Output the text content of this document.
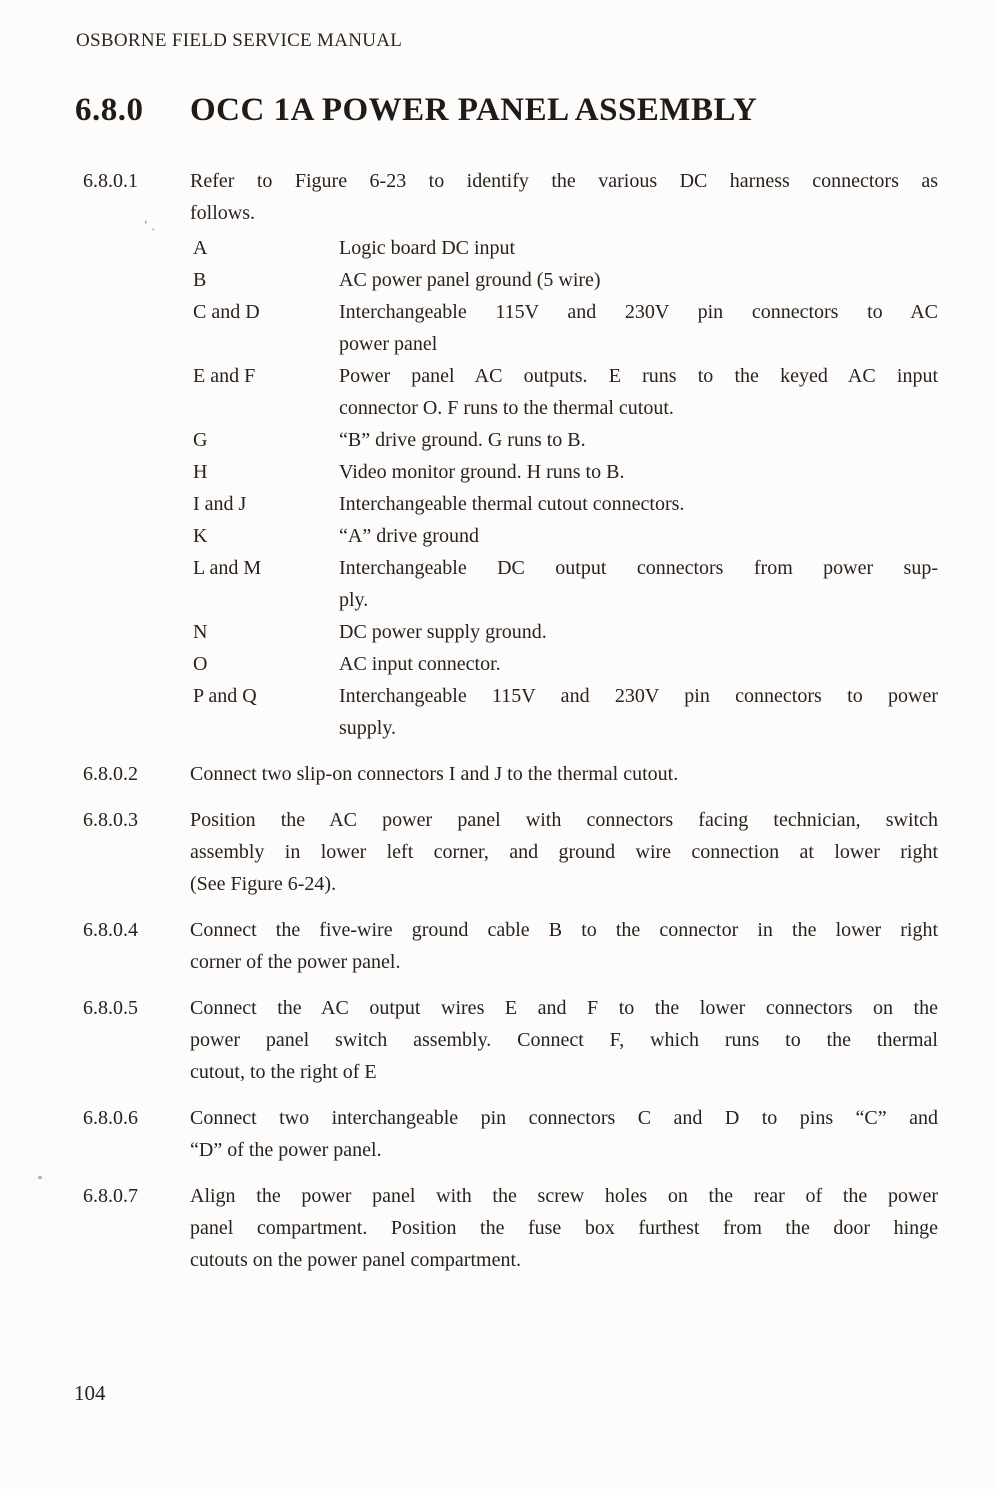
OSBORNE FIELD SERVICE MANUAL
6.8.0	OCC 1A POWER PANEL ASSEMBLY
ʻˏ
6.8.0.1	Refer to Figure 6-23 to identify the various DC harness connectors as
follows.
A	Logic board DC input
B	AC power panel ground (5 wire)
C and D	Interchangeable 115V and 230V pin connectors to AC
power panel
E and F	Power panel AC outputs. E runs to the keyed AC input
connector O. F runs to the thermal cutout.
G	“B” drive ground. G runs to B.
H	Video monitor ground. H runs to B.
I and J	Interchangeable thermal cutout connectors.
K	“A” drive ground
L and M	Interchangeable DC output connectors from power sup-
ply.
N	DC power supply ground.
O	AC input connector.
P and Q	Interchangeable 115V and 230V pin connectors to power
supply.
6.8.0.2	Connect two slip-on connectors I and J to the thermal cutout.
6.8.0.3	Position the AC power panel with connectors facing technician, switch
assembly in lower left corner, and ground wire connection at lower right
(See Figure 6-24).
6.8.0.4	Connect the five-wire ground cable B to the connector in the lower right
corner of the power panel.
6.8.0.5	Connect the AC output wires E and F to the lower connectors on the
power panel switch assembly. Connect F, which runs to the thermal
cutout, to the right of E
6.8.0.6	Connect two interchangeable pin connectors C and D to pins “C” and
“D” of the power panel.
6.8.0.7	Align the power panel with the screw holes on the rear of the power
panel compartment. Position the fuse box furthest from the door hinge
cutouts on the power panel compartment.
104
